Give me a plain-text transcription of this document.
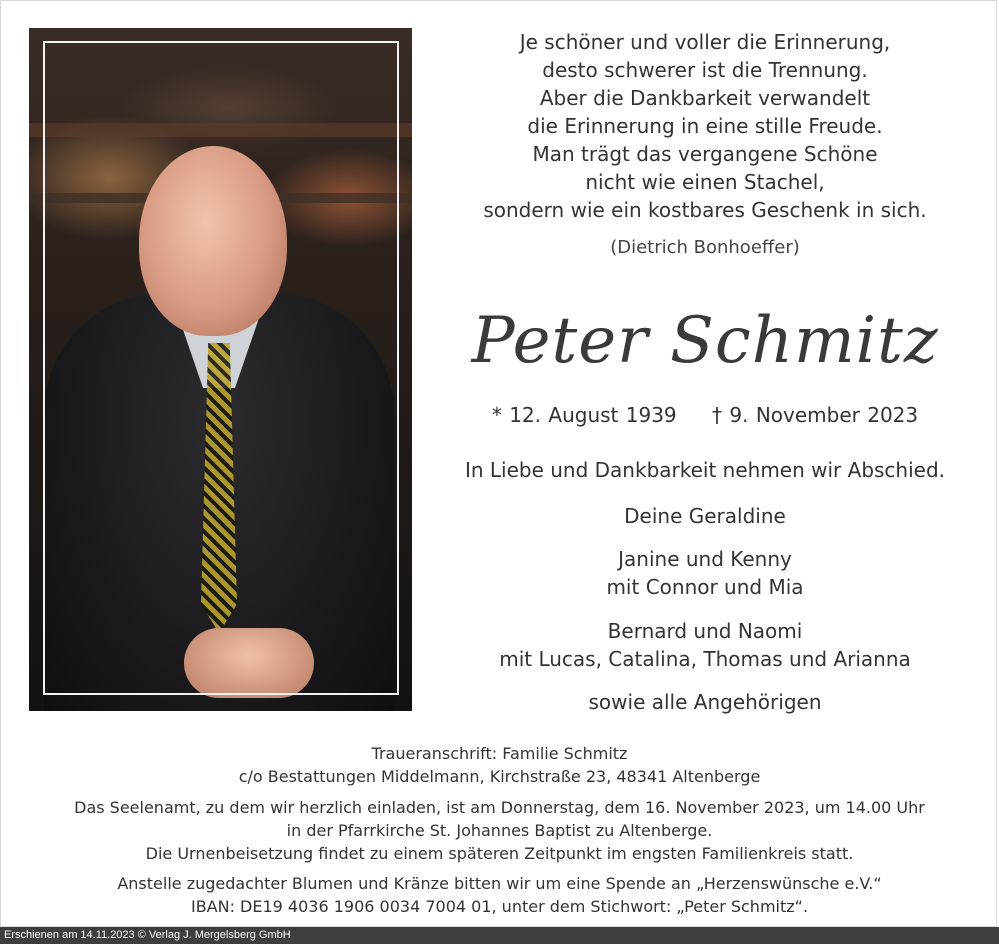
Je schöner und voller die Erinnerung,
desto schwerer ist die Trennung.
Aber die Dankbarkeit verwandelt
die Erinnerung in eine stille Freude.
Man trägt das vergangene Schöne
nicht wie einen Stachel,
sondern wie ein kostbares Geschenk in sich.
(Dietrich Bonhoeffer)
Peter Schmitz
* 12. August 1939 † 9. November 2023
In Liebe und Dankbarkeit nehmen wir Abschied.
Deine Geraldine
Janine und Kenny
mit Connor und Mia
Bernard und Naomi
mit Lucas, Catalina, Thomas und Arianna
sowie alle Angehörigen
Traueranschrift: Familie Schmitz
c/o Bestattungen Middelmann, Kirchstraße 23, 48341 Altenberge
Das Seelenamt, zu dem wir herzlich einladen, ist am Donnerstag, dem 16. November 2023, um 14.00 Uhr
in der Pfarrkirche St. Johannes Baptist zu Altenberge.
Die Urnenbeisetzung findet zu einem späteren Zeitpunkt im engsten Familienkreis statt.
Anstelle zugedachter Blumen und Kränze bitten wir um eine Spende an „Herzenswünsche e.V.“
IBAN: DE19 4036 1906 0034 7004 01, unter dem Stichwort: „Peter Schmitz“.
Erschienen am 14.11.2023 © Verlag J. Mergelsberg GmbH
